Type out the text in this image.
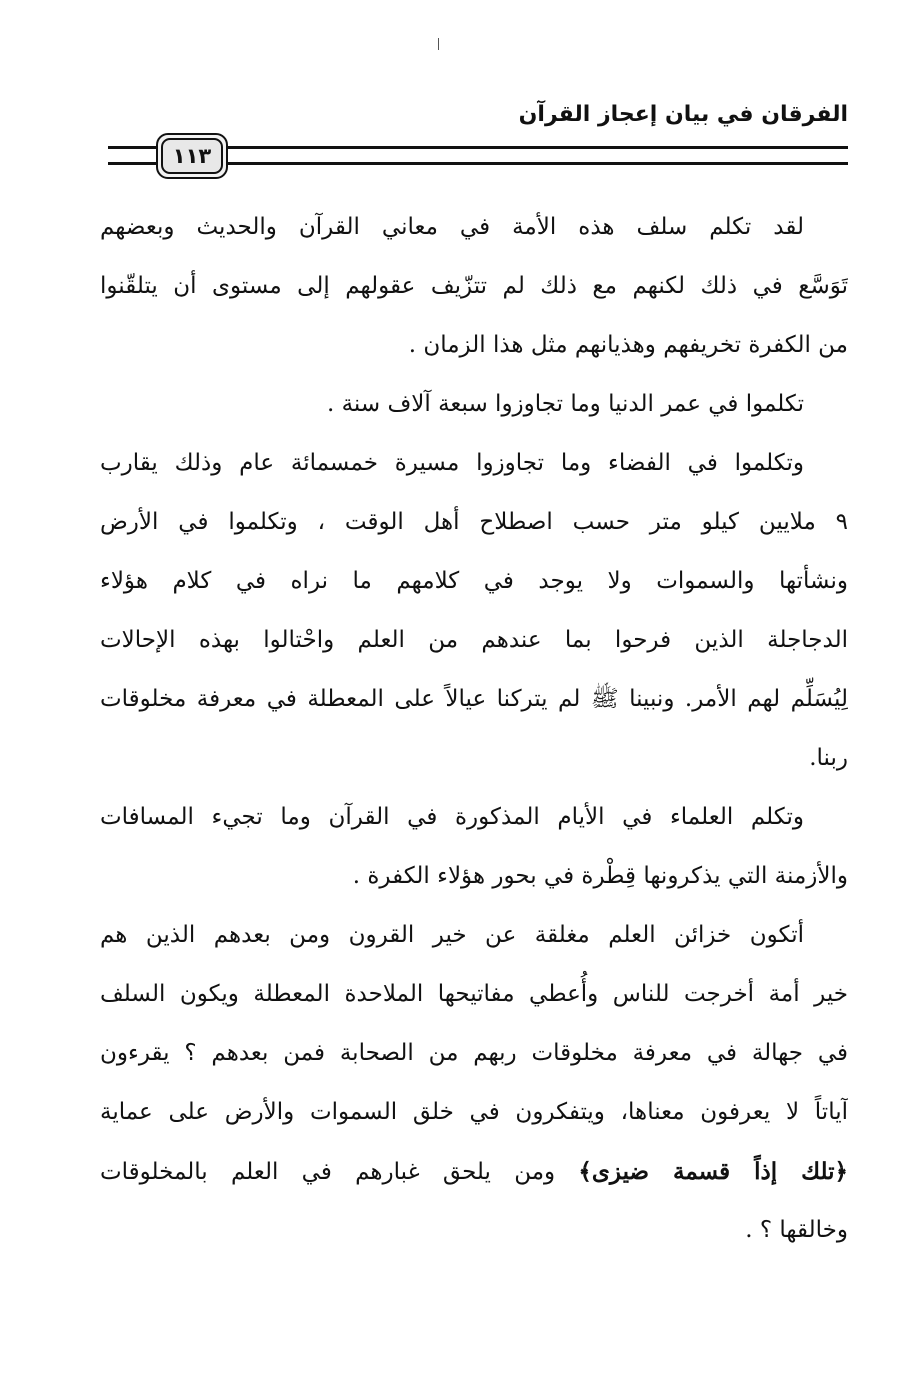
الفرقان في بيان إعجاز القرآن
١١٣
لقد تكلم سلف هذه الأمة في معاني القرآن والحديث وبعضهم
تَوَسَّع في ذلك لكنهم مع ذلك لم تتزّيف عقولهم إلى مستوى أن يتلقّنوا
من الكفرة تخريفهم وهذيانهم مثل هذا الزمان .
تكلموا في عمر الدنيا وما تجاوزوا سبعة آلاف سنة .
وتكلموا في الفضاء وما تجاوزوا مسيرة خمسمائة عام وذلك يقارب
٩ ملايين كيلو متر حسب اصطلاح أهل الوقت ، وتكلموا في الأرض
ونشأتها والسموات ولا يوجد في كلامهم ما نراه في كلام هؤلاء
الدجاجلة الذين فرحوا بما عندهم من العلم واحْتالوا بهذه الإحالات
لِيُسَلِّم لهم الأمر. ونبينا ﷺ لم يتركنا عيالاً على المعطلة في معرفة مخلوقات
ربنا.
وتكلم العلماء في الأيام المذكورة في القرآن وما تجيء المسافات
والأزمنة التي يذكرونها قِطْرة في بحور هؤلاء الكفرة .
أتكون خزائن العلم مغلقة عن خير القرون ومن بعدهم الذين هم
خير أمة أخرجت للناس وأُعطي مفاتيحها الملاحدة المعطلة ويكون السلف
في جهالة في معرفة مخلوقات ربهم من الصحابة فمن بعدهم ؟ يقرءون
آياتاً لا يعرفون معناها، ويتفكرون في خلق السموات والأرض على عماية
﴿تلك إذاً قسمة ضيزى﴾ ومن يلحق غبارهم في العلم بالمخلوقات
وخالقها ؟ .
